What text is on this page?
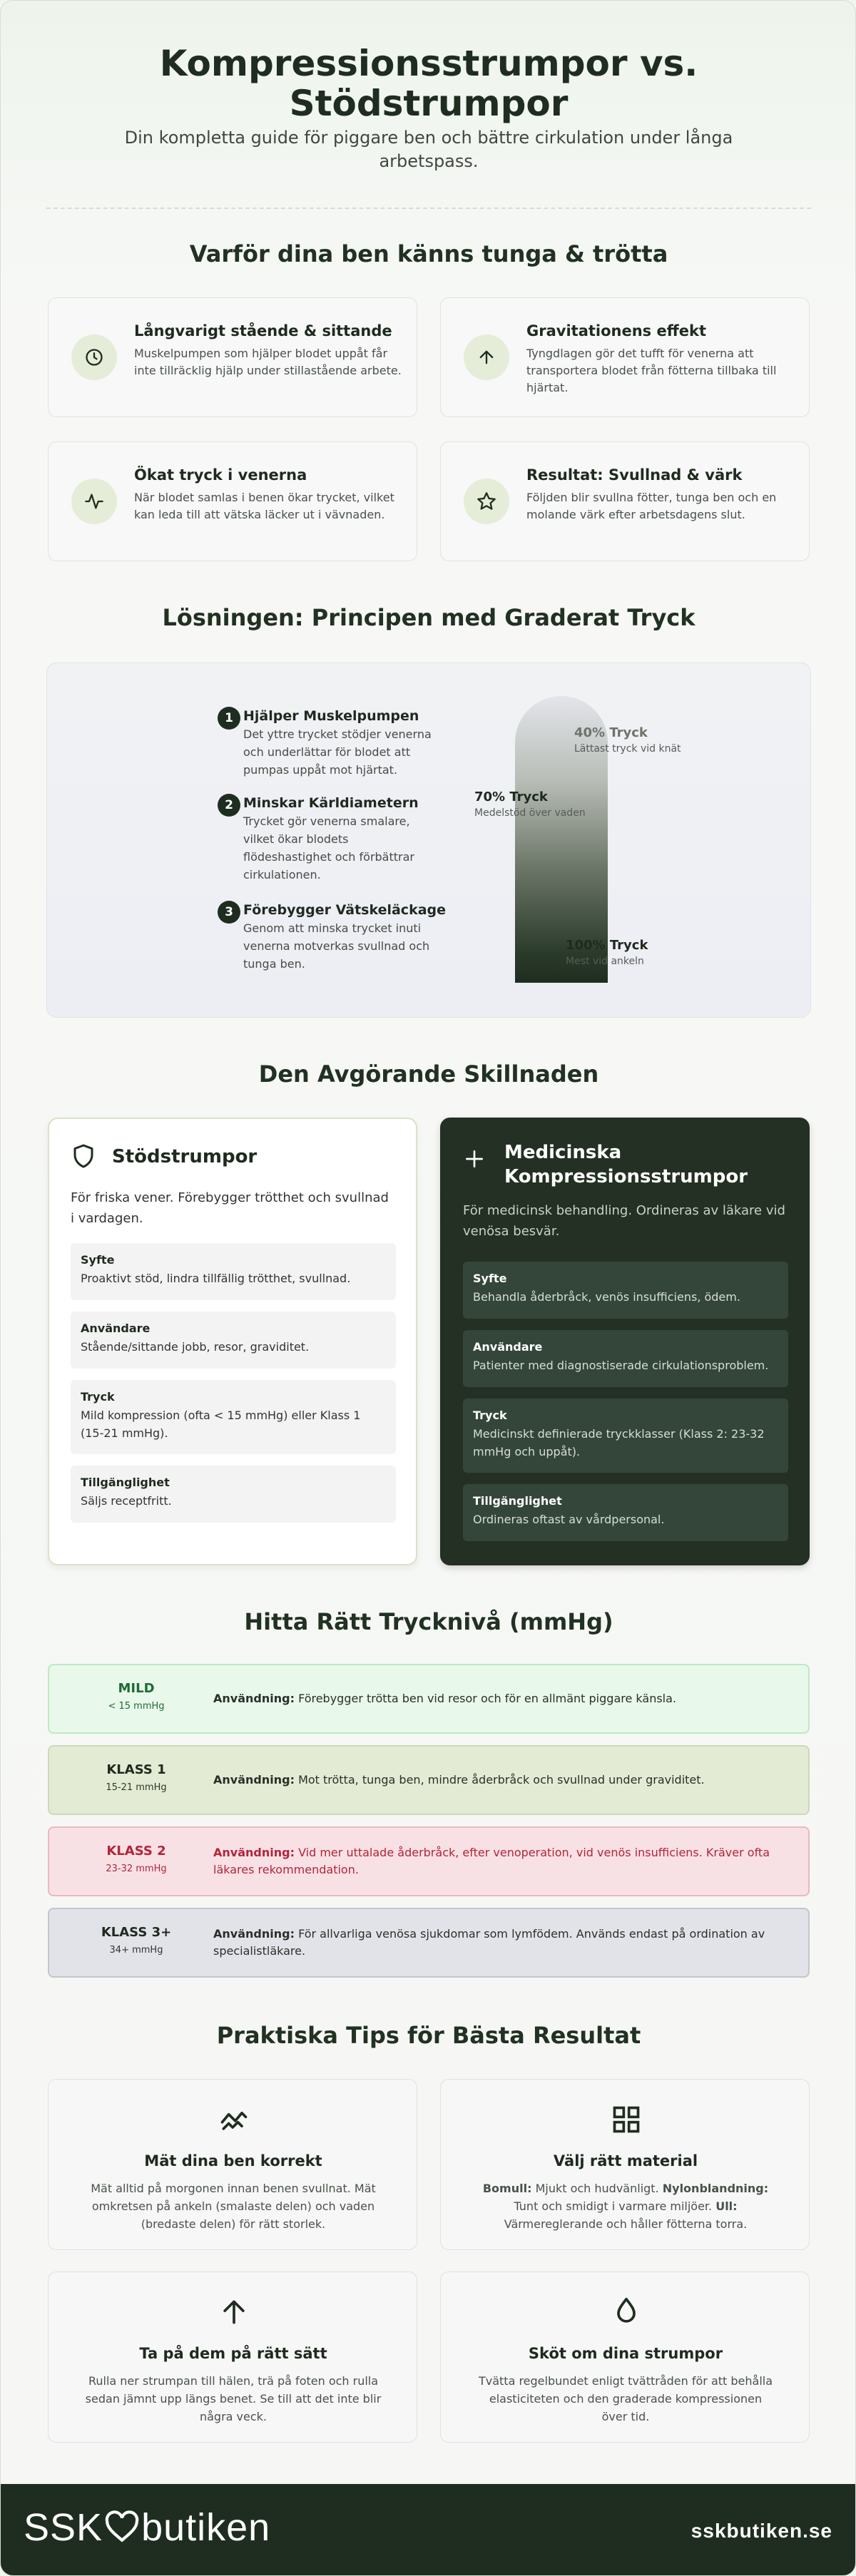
Kompressionsstrumpor vs. Stödstrumpor

Din kompletta guide för piggare ben och bättre cirkulation under långa arbetspass.

Varför dina ben känns tunga & trötta
Långvarigt stående & sittande
Muskelpumpen som hjälper blodet uppåt får inte tillräcklig hjälp under stillastående arbete.
Gravitationens effekt
Tyngdlagen gör det tufft för venerna att transportera blodet från fötterna tillbaka till hjärtat.
Ökat tryck i venerna
När blodet samlas i benen ökar trycket, vilket kan leda till att vätska läcker ut i vävnaden.
Resultat: Svullnad & värk
Följden blir svullna fötter, tunga ben och en molande värk efter arbetsdagens slut.
Lösningen: Principen med Graderat Tryck
1 Hjälper Muskelpumpen
Det yttre trycket stödjer venerna och underlättar för blodet att pumpas uppåt mot hjärtat.
2 Minskar Kärldiametern
Trycket gör venerna smalare, vilket ökar blodets flödeshastighet och förbättrar cirkulationen.
3 Förebygger Vätskeläckage
Genom att minska trycket inuti venerna motverkas svullnad och tunga ben.
40% Tryck
Lättast tryck vid knät
70% Tryck
Medelstöd över vaden
100% Tryck
Mest vid ankeln
Den Avgörande Skillnaden
Stödstrumpor
För friska vener. Förebygger trötthet och svullnad i vardagen.
Syfte
Proaktivt stöd, lindra tillfällig trötthet, svullnad.
Användare
Stående/sittande jobb, resor, graviditet.
Tryck
Mild kompression (ofta < 15 mmHg) eller Klass 1 (15-21 mmHg).
Tillgänglighet
Säljs receptfritt.
Medicinska Kompressionsstrumpor
För medicinsk behandling. Ordineras av läkare vid venösa besvär.
Syfte
Behandla åderbråck, venös insufficiens, ödem.
Användare
Patienter med diagnostiserade cirkulationsproblem.
Tryck
Medicinskt definierade tryckklasser (Klass 2: 23-32 mmHg och uppåt).
Tillgänglighet
Ordineras oftast av vårdpersonal.
Hitta Rätt Trycknivå (mmHg)
MILD
< 15 mmHg
Användning: Förebygger trötta ben vid resor och för en allmänt piggare känsla.
KLASS 1
15-21 mmHg
Användning: Mot trötta, tunga ben, mindre åderbråck och svullnad under graviditet.
KLASS 2
23-32 mmHg
Användning: Vid mer uttalade åderbråck, efter venoperation, vid venös insufficiens. Kräver ofta läkares rekommendation.
KLASS 3+
34+ mmHg
Användning: För allvarliga venösa sjukdomar som lymfödem. Används endast på ordination av specialistläkare.
Praktiska Tips för Bästa Resultat
Mät dina ben korrekt
Mät alltid på morgonen innan benen svullnat. Mät omkretsen på ankeln (smalaste delen) och vaden (bredaste delen) för rätt storlek.
Välj rätt material
Bomull: Mjukt och hudvänligt. Nylonblandning: Tunt och smidigt i varmare miljöer. Ull: Värmereglerande och håller fötterna torra.
Ta på dem på rätt sätt
Rulla ner strumpan till hälen, trä på foten och rulla sedan jämnt upp längs benet. Se till att det inte blir några veck.
Sköt om dina strumpor
Tvätta regelbundet enligt tvättråden för att behålla elasticiteten och den graderade kompressionen över tid.
SSK butiken	sskbutiken.se
